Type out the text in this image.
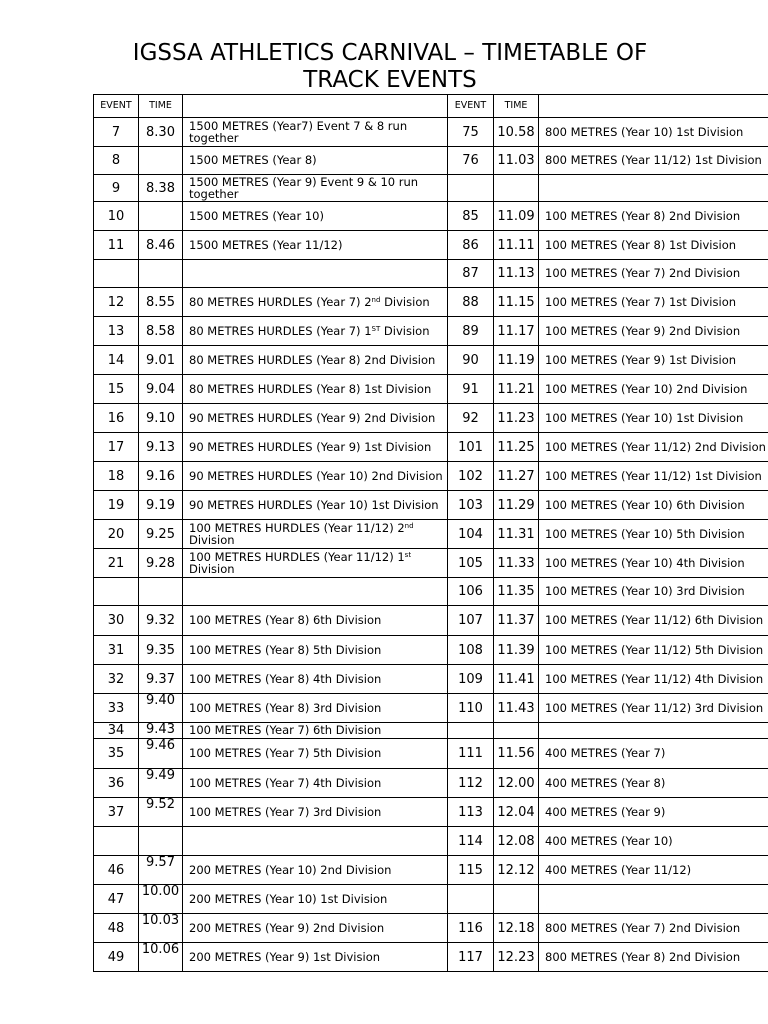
IGSSA ATHLETICS CARNIVAL – TIMETABLE OF TRACK EVENTS
EVENT	TIME		EVENT	TIME	
7	8.30	1500 METRES (Year7) Event 7 & 8 run together	75	10.58	800 METRES (Year 10) 1st Division
8		1500 METRES (Year 8)	76	11.03	800 METRES (Year 11/12) 1st Division
9	8.38	1500 METRES (Year 9) Event 9 & 10 run together			
10		1500 METRES (Year 10)	85	11.09	100 METRES (Year 8) 2nd Division
11	8.46	1500 METRES (Year 11/12)	86	11.11	100 METRES (Year 8) 1st Division
			87	11.13	100 METRES (Year 7) 2nd Division
12	8.55	80 METRES HURDLES (Year 7) 2nd Division	88	11.15	100 METRES (Year 7) 1st Division
13	8.58	80 METRES HURDLES (Year 7) 1ST Division	89	11.17	100 METRES (Year 9) 2nd Division
14	9.01	80 METRES HURDLES (Year 8) 2nd Division	90	11.19	100 METRES (Year 9) 1st Division
15	9.04	80 METRES HURDLES (Year 8) 1st Division	91	11.21	100 METRES (Year 10) 2nd Division
16	9.10	90 METRES HURDLES (Year 9) 2nd Division	92	11.23	100 METRES (Year 10) 1st Division
17	9.13	90 METRES HURDLES (Year 9) 1st Division	101	11.25	100 METRES (Year 11/12) 2nd Division
18	9.16	90 METRES HURDLES (Year 10) 2nd Division	102	11.27	100 METRES (Year 11/12) 1st Division
19	9.19	90 METRES HURDLES (Year 10) 1st Division	103	11.29	100 METRES (Year 10) 6th Division
20	9.25	100 METRES HURDLES (Year 11/12) 2nd Division	104	11.31	100 METRES (Year 10) 5th Division
21	9.28	100 METRES HURDLES (Year 11/12) 1st Division	105	11.33	100 METRES (Year 10) 4th Division
			106	11.35	100 METRES (Year 10) 3rd Division
30	9.32	100 METRES (Year 8) 6th Division	107	11.37	100 METRES (Year 11/12) 6th Division
31	9.35	100 METRES (Year 8) 5th Division	108	11.39	100 METRES (Year 11/12) 5th Division
32	9.37	100 METRES (Year 8) 4th Division	109	11.41	100 METRES (Year 11/12) 4th Division
33	9.40	100 METRES (Year 8) 3rd Division	110	11.43	100 METRES (Year 11/12) 3rd Division
34	9.43	100 METRES (Year 7) 6th Division			
35	9.46	100 METRES (Year 7) 5th Division	111	11.56	400 METRES (Year 7)
36	9.49	100 METRES (Year 7) 4th Division	112	12.00	400 METRES (Year 8)
37	9.52	100 METRES (Year 7) 3rd Division	113	12.04	400 METRES (Year 9)
			114	12.08	400 METRES (Year 10)
46	9.57	200 METRES (Year 10) 2nd Division	115	12.12	400 METRES (Year 11/12)
47	10.00	200 METRES (Year 10) 1st Division			
48	10.03	200 METRES (Year 9) 2nd Division	116	12.18	800 METRES (Year 7) 2nd Division
49	10.06	200 METRES (Year 9) 1st Division	117	12.23	800 METRES (Year 8) 2nd Division
